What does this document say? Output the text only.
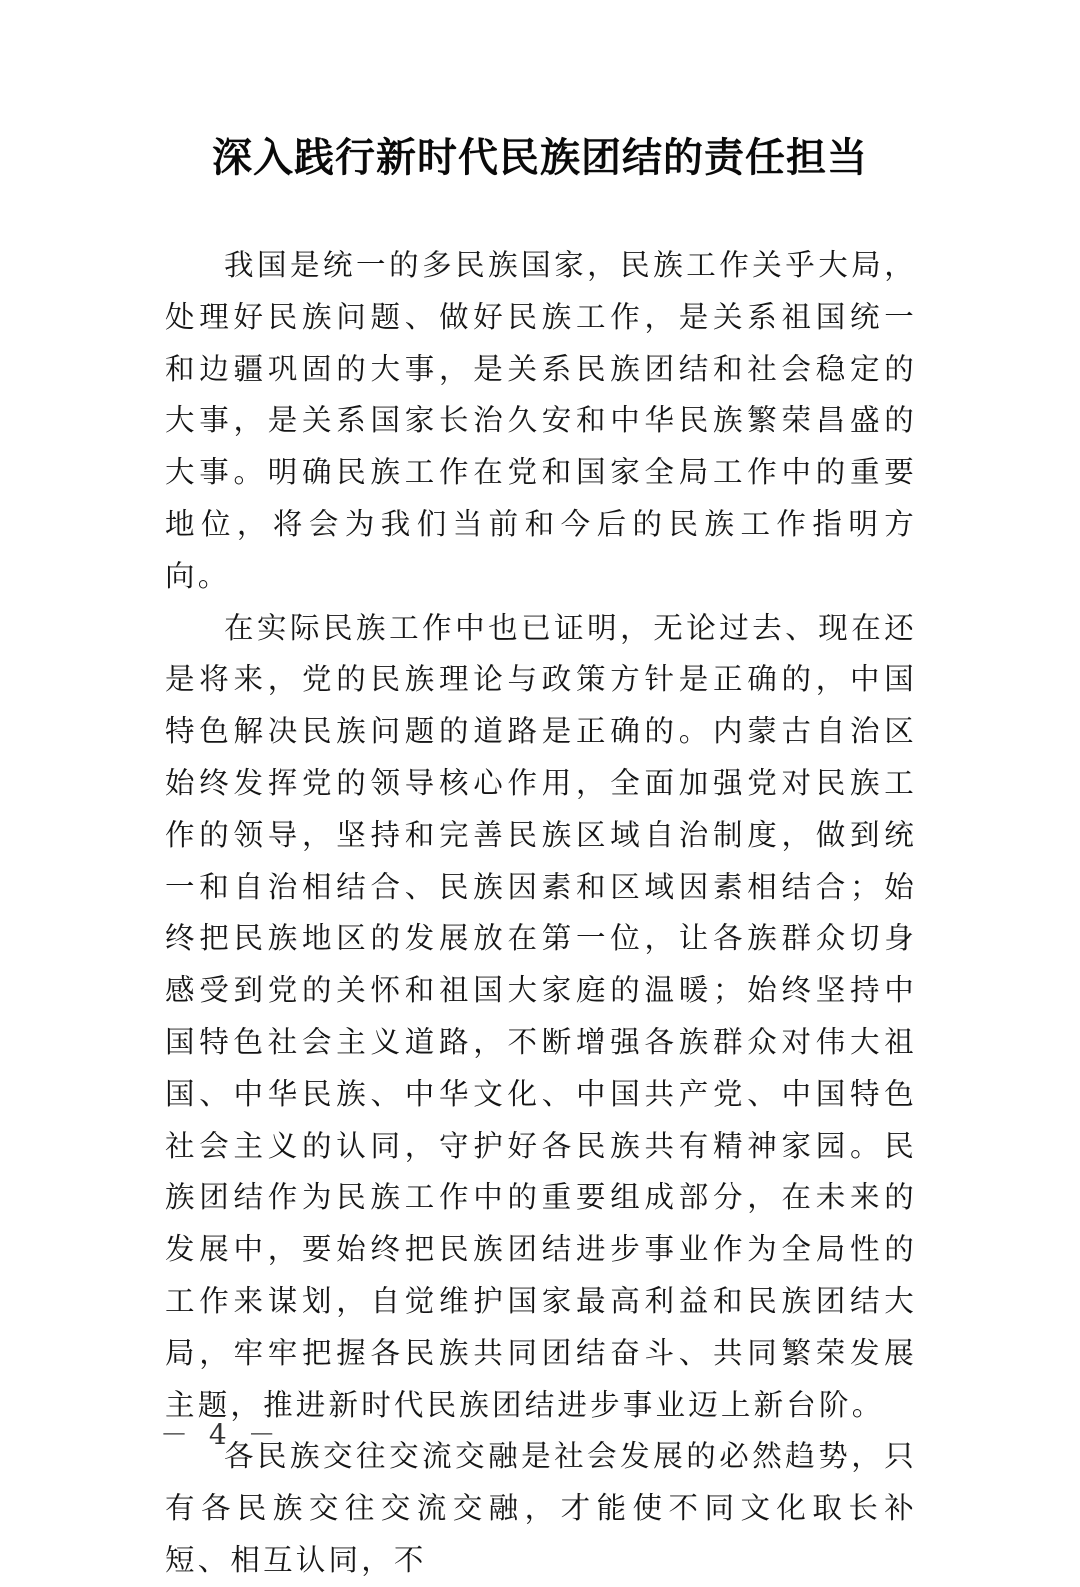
深入践行新时代民族团结的责任担当

我国是统一的多民族国家，民族工作关乎大局，处理好民族问题、做好民族工作，是关系祖国统一和边疆巩固的大事，是关系民族团结和社会稳定的大事，是关系国家长治久安和中华民族繁荣昌盛的大事。明确民族工作在党和国家全局工作中的重要地位，将会为我们当前和今后的民族工作指明方向。

在实际民族工作中也已证明，无论过去、现在还是将来，党的民族理论与政策方针是正确的，中国特色解决民族问题的道路是正确的。内蒙古自治区始终发挥党的领导核心作用，全面加强党对民族工作的领导，坚持和完善民族区域自治制度，做到统一和自治相结合、民族因素和区域因素相结合；始终把民族地区的发展放在第一位，让各族群众切身感受到党的关怀和祖国大家庭的温暖；始终坚持中国特色社会主义道路，不断增强各族群众对伟大祖国、中华民族、中华文化、中国共产党、中国特色社会主义的认同，守护好各民族共有精神家园。民族团结作为民族工作中的重要组成部分，在未来的发展中，要始终把民族团结进步事业作为全局性的工作来谋划，自觉维护国家最高利益和民族团结大局，牢牢把握各民族共同团结奋斗、共同繁荣发展主题，推进新时代民族团结进步事业迈上新台阶。

各民族交往交流交融是社会发展的必然趋势，只有各民族交往交流交融，才能使不同文化取长补短、相互认同，不

－ 4 －
